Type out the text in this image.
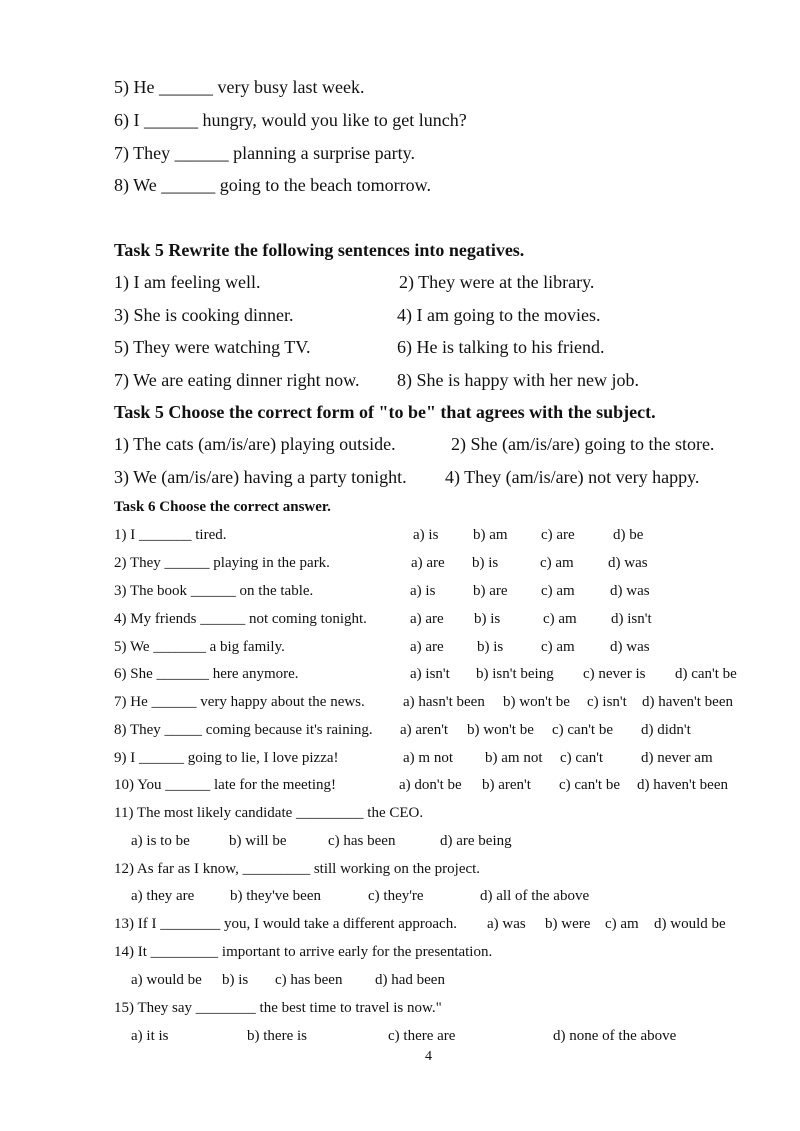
5) He ______ very busy last week.
6) I ______ hungry, would you like to get lunch?
7) They ______ planning a surprise party.
8) We ______ going to the beach tomorrow.
Task 5 Rewrite the following sentences into negatives.
1) I am feeling well.	2) They were at the library.
3) She is cooking dinner.	4) I am going to the movies.
5) They were watching TV.	6) He is talking to his friend.
7) We are eating dinner right now. 8) She is happy with her new job.
Task 5 Choose the correct form of "to be" that agrees with the subject.
1) The cats (am/is/are) playing outside.	2) She (am/is/are) going to the store.
3) We (am/is/are) having a party tonight. 4) They (am/is/are) not very happy.
Task 6 Choose the correct answer.
1) I _______ tired.	a) is b) am c) are	d) be
2) They ______ playing in the park.	a) are b) is	c) am d) was
3) The book ______ on the table.	a) is	b) are c) am d) was
4) My friends ______ not coming tonight.	a) are b) is	c) am d) isn't
5) We _______ a big family.	a) are b) is	c) am d) was
6) She _______ here anymore.	a) isn't b) isn't being c) never is d) can't be
7) He ______ very happy about the news.	a) hasn't been b) won't be c) isn't d) haven't been
8) They _____ coming because it's raining. a) aren't b) won't be c) can't be d) didn't
9) I ______ going to lie, I love pizza!	a) m not b) am not c) can't	d) never am
10) You ______ late for the meeting!	a) don't be b) aren't c) can't be d) haven't been
11) The most likely candidate _________ the CEO.
a) is to be	b) will be	c) has been	d) are being
12) As far as I know, _________ still working on the project.
a) they are b) they've been	c) they're	d) all of the above
13) If I ________ you, I would take a different approach. a) was b) were c) am d) would be
14) It _________ important to arrive early for the presentation.
a) would be b) is c) has been d) had been
15) They say ________ the best time to travel is now."
a) it is	b) there is	c) there are	d) none of the above
4
